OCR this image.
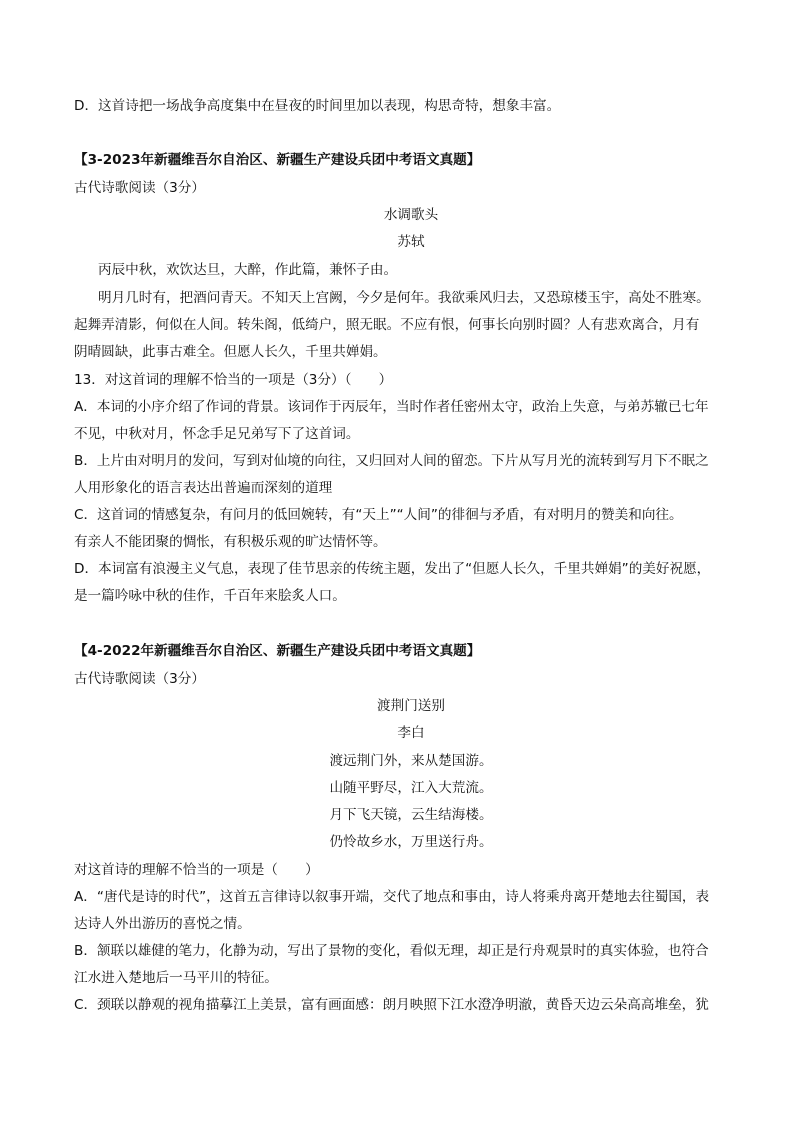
D．这首诗把一场战争高度集中在昼夜的时间里加以表现，构思奇特，想象丰富。
【3-2023年新疆维吾尔自治区、新疆生产建设兵团中考语文真题】
古代诗歌阅读（3分）
水调歌头
苏轼
丙辰中秋，欢饮达旦，大醉，作此篇，兼怀子由。
明月几时有，把酒问青天。不知天上宫阙，今夕是何年。我欲乘风归去，又恐琼楼玉宇，高处不胜寒。
起舞弄清影，何似在人间。转朱阁，低绮户，照无眠。不应有恨，何事长向别时圆？人有悲欢离合，月有
阴晴圆缺，此事古难全。但愿人长久，千里共婵娟。
13．对这首词的理解不恰当的一项是（3分）（　　）
A．本词的小序介绍了作词的背景。该词作于丙辰年，当时作者任密州太守，政治上失意，与弟苏辙已七年
不见，中秋对月，怀念手足兄弟写下了这首词。
B．上片由对明月的发问，写到对仙境的向往，又归回对人间的留恋。下片从写月光的流转到写月下不眠之
人用形象化的语言表达出普遍而深刻的道理
C．这首词的情感复杂，有问月的低回婉转，有“天上”“人间”的徘徊与矛盾，有对明月的赞美和向往。
有亲人不能团聚的惆怅，有积极乐观的旷达情怀等。
D．本词富有浪漫主义气息，表现了佳节思亲的传统主题，发出了“但愿人长久，千里共婵娟”的美好祝愿，
是一篇吟咏中秋的佳作，千百年来脍炙人口。
【4-2022年新疆维吾尔自治区、新疆生产建设兵团中考语文真题】
古代诗歌阅读（3分）
渡荆门送别
李白
渡远荆门外，来从楚国游。
山随平野尽，江入大荒流。
月下飞天镜，云生结海楼。
仍怜故乡水，万里送行舟。
对这首诗的理解不恰当的一项是（　　）
A．“唐代是诗的时代”，这首五言律诗以叙事开端，交代了地点和事由，诗人将乘舟离开楚地去往蜀国，表
达诗人外出游历的喜悦之情。
B．颔联以雄健的笔力，化静为动，写出了景物的变化，看似无理，却正是行舟观景时的真实体验，也符合
江水进入楚地后一马平川的特征。
C．颈联以静观的视角描摹江上美景，富有画面感：朗月映照下江水澄净明澈，黄昏天边云朵高高堆垒，犹
